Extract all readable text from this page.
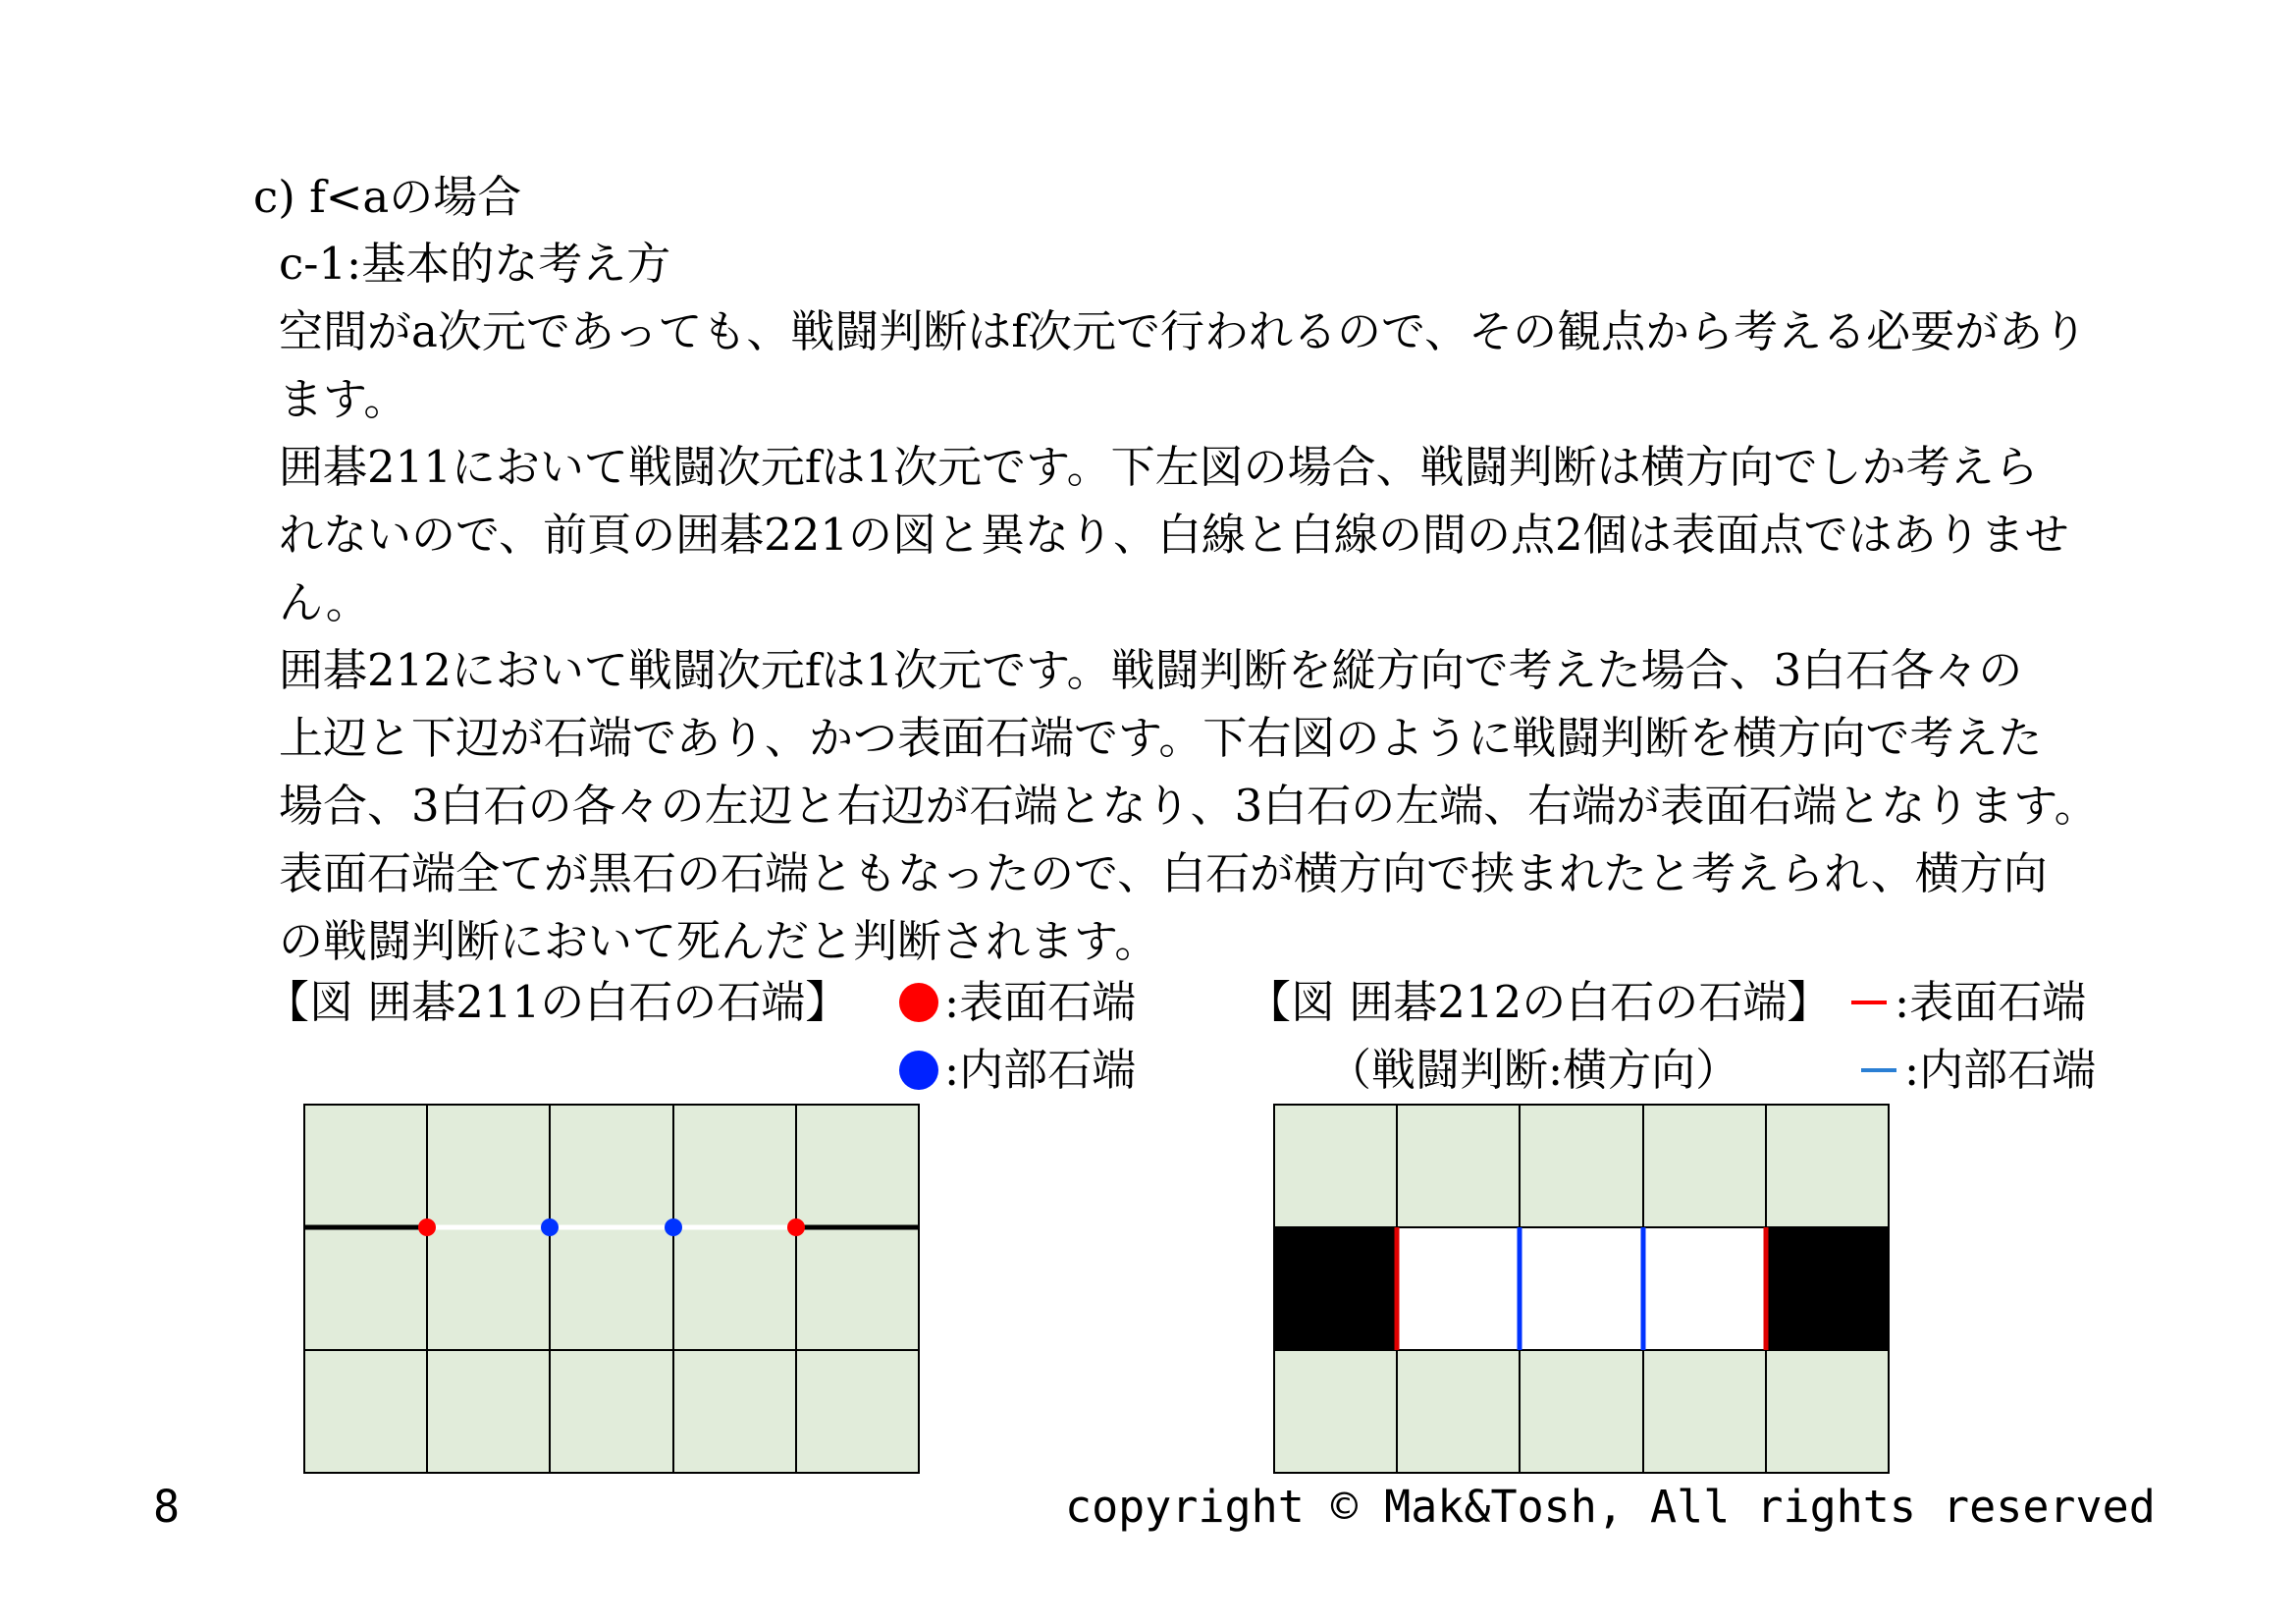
c) f<aの場合
c-1:基本的な考え方
空間がa次元であっても、戦闘判断はf次元で行われるので、その観点から考える必要があり
ます。
囲碁211において戦闘次元fは1次元です。下左図の場合、戦闘判断は横方向でしか考えら
れないので、前頁の囲碁221の図と異なり、白線と白線の間の点2個は表面点ではありませ
ん。
囲碁212において戦闘次元fは1次元です。戦闘判断を縦方向で考えた場合、3白石各々の
上辺と下辺が石端であり、かつ表面石端です。下右図のように戦闘判断を横方向で考えた
場合、3白石の各々の左辺と右辺が石端となり、3白石の左端、右端が表面石端となります。
表面石端全てが黒石の石端ともなったので、白石が横方向で挟まれたと考えられ、横方向
の戦闘判断において死んだと判断されます。
【図 囲碁211の白石の石端】 :表面石端
:内部石端
【図 囲碁212の白石の石端】
（戦闘判断:横方向）
:表面石端
:内部石端
8	copyright © Mak&Tosh, All rights reserved
